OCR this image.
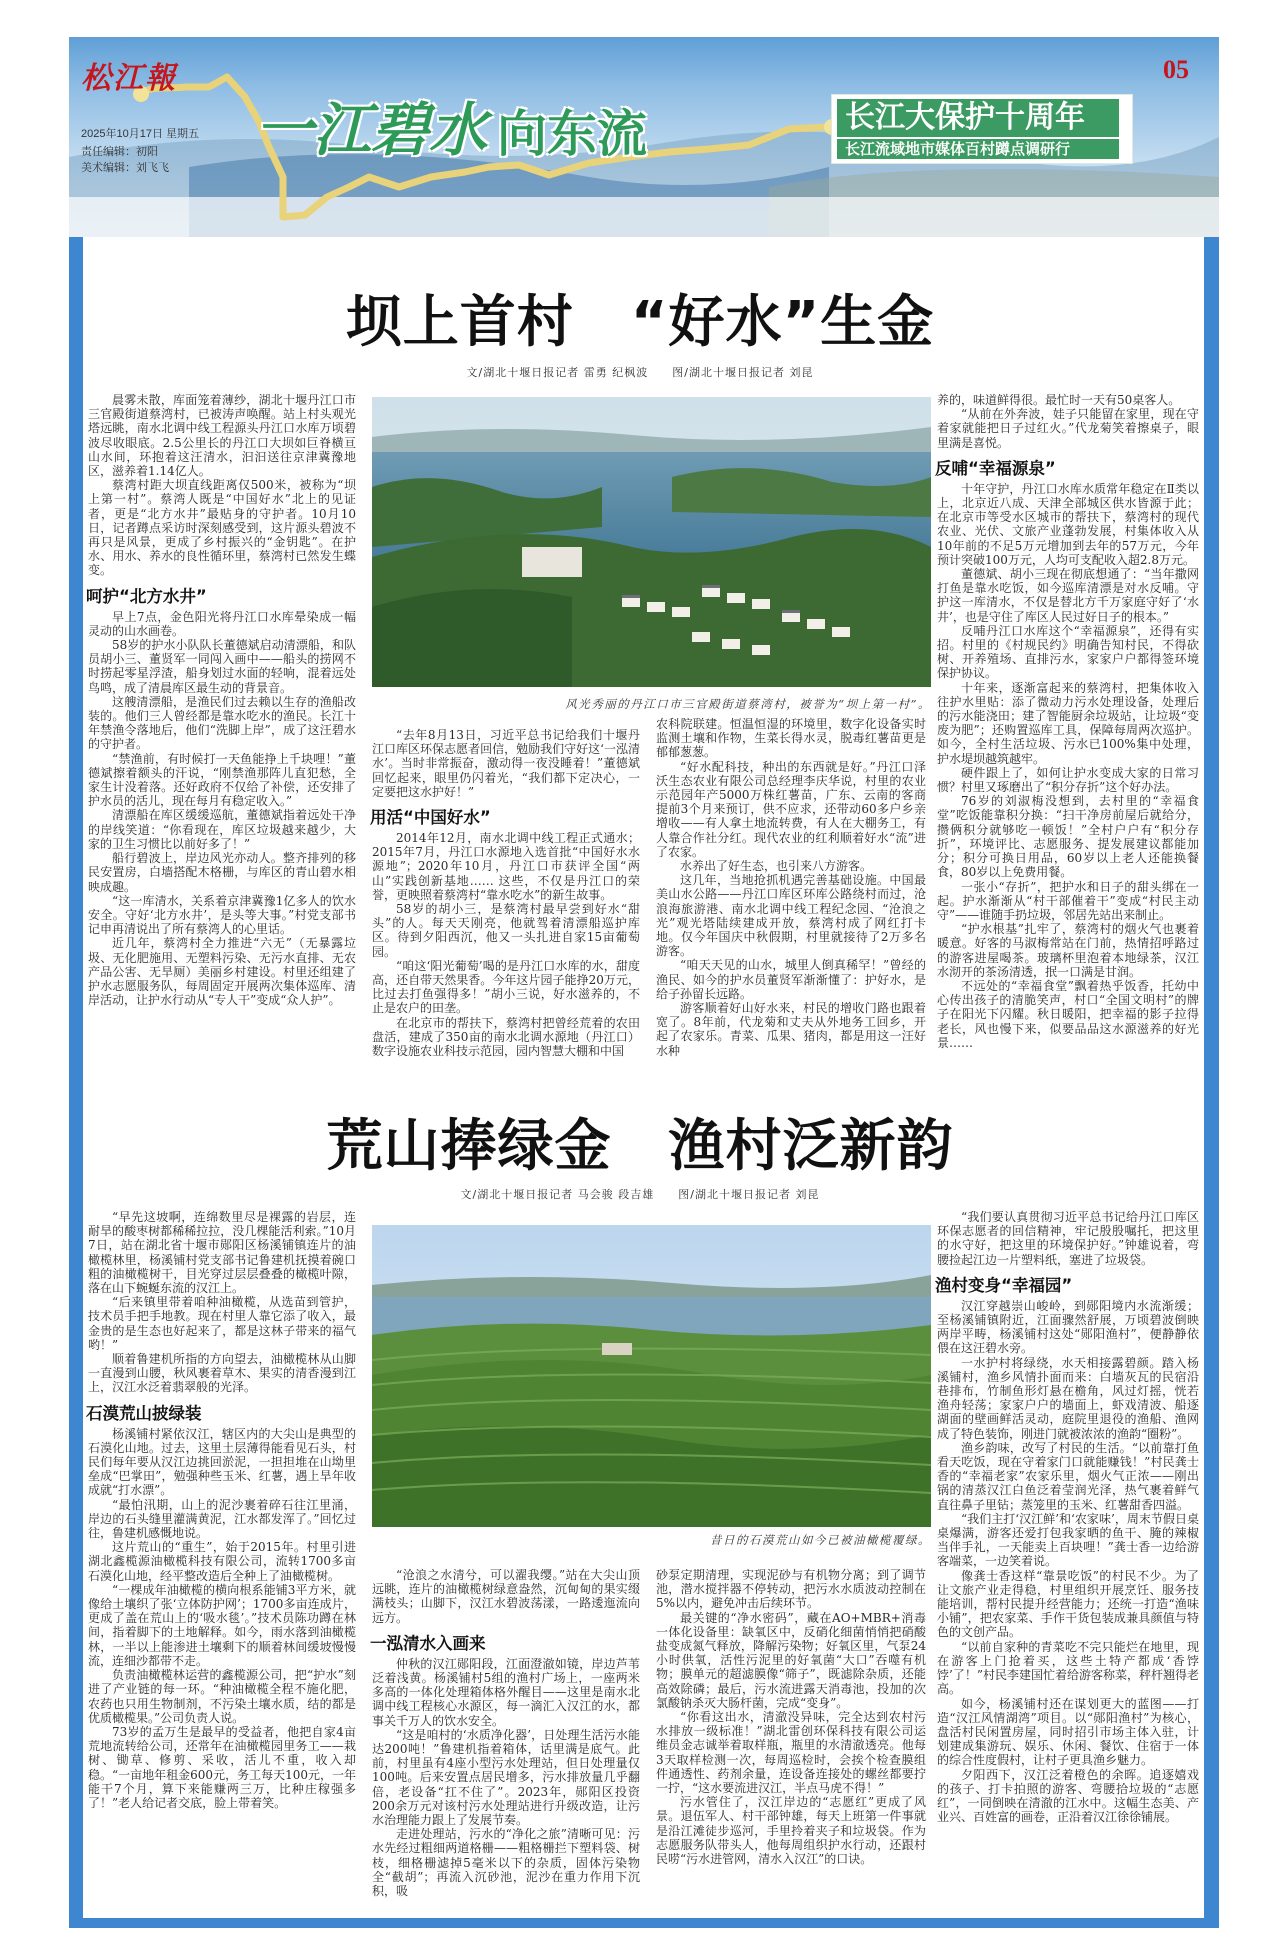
松江報	05
2025年10月17日 星期五
责任编辑：初阳
美术编辑：刘飞飞
一江碧水 向东流	长江大保护十周年
长江流域地市媒体百村蹲点调研行
坝上首村　“好水”生金
文/湖北十堰日报记者 雷勇 纪枫波　　图/湖北十堰日报记者 刘昆
风光秀丽的丹江口市三官殿街道蔡湾村，被誉为“坝上第一村”。

晨雾未散，库面笼着薄纱，湖北十堰丹江口市三官殿街道蔡湾村，已被涛声唤醒。站上村头观光塔远眺，南水北调中线工程源头丹江口水库万顷碧波尽收眼底。2.5公里长的丹江口大坝如巨脊横亘山水间，环抱着这汪清水，汩汩送往京津冀豫地区，滋养着1.14亿人。

蔡湾村距大坝直线距离仅500米，被称为“坝上第一村”。蔡湾人既是“中国好水”北上的见证者，更是“北方水井”最贴身的守护者。10月10日，记者蹲点采访时深刻感受到，这片源头碧波不再只是风景，更成了乡村振兴的“金钥匙”。在护水、用水、养水的良性循环里，蔡湾村已然发生蝶变。

呵护“北方水井”

早上7点，金色阳光将丹江口水库晕染成一幅灵动的山水画卷。

58岁的护水小队队长董德斌启动清漂船，和队员胡小三、董贤军一同闯入画中——船头的捞网不时捞起零星浮渣，船身划过水面的轻响，混着远处鸟鸣，成了清晨库区最生动的背景音。

这艘清漂船，是渔民们过去赖以生存的渔船改装的。他们三人曾经都是靠水吃水的渔民。长江十年禁渔令落地后，他们“洗脚上岸”，成了这汪碧水的守护者。

“禁渔前，有时候打一天鱼能挣上千块哩！”董德斌擦着额头的汗说，“刚禁渔那阵儿直犯愁，全家生计没着落。还好政府不仅给了补偿，还安排了护水员的活儿，现在每月有稳定收入。”

清漂船在库区缓缓巡航，董德斌指着远处干净的岸线笑道：“你看现在，库区垃圾越来越少，大家的卫生习惯比以前好多了！”

船行碧波上，岸边风光亦动人。整齐排列的移民安置房，白墙搭配木格栅，与库区的青山碧水相映成趣。

“这一库清水，关系着京津冀豫1亿多人的饮水安全。守好‘北方水井’，是头等大事。”村党支部书记申再清说出了所有蔡湾人的心里话。

近几年，蔡湾村全力推进“六无”（无暴露垃圾、无化肥施用、无塑料污染、无污水直排、无农产品公害、无旱厕）美丽乡村建设。村里还组建了护水志愿服务队，每周固定开展两次集体巡库、清岸活动，让护水行动从“专人干”变成“众人护”。

“去年8月13日，习近平总书记给我们十堰丹江口库区环保志愿者回信，勉励我们守好这‘一泓清水’。当时非常振奋，激动得一夜没睡着！”董德斌回忆起来，眼里仍闪着光，“我们都下定决心，一定要把这水护好！”

用活“中国好水”

2014年12月，南水北调中线工程正式通水；2015年7月，丹江口水源地入选首批“中国好水水源地”；2020年10月，丹江口市获评全国“两山”实践创新基地…… 这些，不仅是丹江口的荣誉，更映照着蔡湾村“靠水吃水”的新生故事。

58岁的胡小三，是蔡湾村最早尝到好水“甜头”的人。每天天刚亮，他就驾着清漂船巡护库区。待到夕阳西沉，他又一头扎进自家15亩葡萄园。

“咱这‘阳光葡萄’喝的是丹江口水库的水，甜度高，还自带天然果香。今年这片园子能挣20万元，比过去打鱼强得多！”胡小三说，好水滋养的，不止是农户的田垄。

在北京市的帮扶下，蔡湾村把曾经荒着的农田盘活，建成了350亩的南水北调水源地（丹江口）数字设施农业科技示范园，园内智慧大棚和中国

农科院联建。恒温恒湿的环境里，数字化设备实时监测土壤和作物，生菜长得水灵，脱毒红薯苗更是郁郁葱葱。

“好水配科技，种出的东西就是好。”丹江口泽沃生态农业有限公司总经理李庆华说，村里的农业示范园年产5000万株红薯苗，广东、云南的客商提前3个月来预订，供不应求，还带动60多户乡亲增收——有人拿土地流转费，有人在大棚务工，有人靠合作社分红。现代农业的红利顺着好水“流”进了农家。

水养出了好生态，也引来八方游客。

这几年，当地抢抓机遇完善基础设施。中国最美山水公路——丹江口库区环库公路绕村而过，沧浪海旅游港、南水北调中线工程纪念园、“沧浪之光”观光塔陆续建成开放，蔡湾村成了网红打卡地。仅今年国庆中秋假期，村里就接待了2万多名游客。

“咱天天见的山水，城里人倒真稀罕！”曾经的渔民、如今的护水员董贤军渐渐懂了：护好水，是给子孙留长远路。

游客顺着好山好水来，村民的增收门路也跟着宽了。8年前，代龙菊和丈夫从外地务工回乡，开起了农家乐。青菜、瓜果、猪肉，都是用这一汪好水种

养的，味道鲜得很。最忙时一天有50桌客人。

“从前在外奔波，娃子只能留在家里，现在守着家就能把日子过红火。”代龙菊笑着擦桌子，眼里满是喜悦。

反哺“幸福源泉”

十年守护，丹江口水库水质常年稳定在Ⅱ类以上，北京近八成、天津全部城区供水皆源于此；在北京市等受水区城市的帮扶下，蔡湾村的现代农业、光伏、文旅产业蓬勃发展，村集体收入从10年前的不足5万元增加到去年的57万元，今年预计突破100万元，人均可支配收入超2.8万元。

董德斌、胡小三现在彻底想通了：“当年撒网打鱼是靠水吃饭，如今巡库清漂是对水反哺。守护这一库清水，不仅是替北方千万家庭守好了‘水井’，也是守住了库区人民过好日子的根本。”

反哺丹江口水库这个“幸福源泉”，还得有实招。村里的《村规民约》明确告知村民，不得砍树、开养殖场、直排污水，家家户户都得签环境保护协议。

十年来，逐渐富起来的蔡湾村，把集体收入往护水里贴：添了微动力污水处理设备，处理后的污水能浇田；建了智能厨余垃圾站，让垃圾“变废为肥”；还购置巡库工具，保障每周两次巡护。如今，全村生活垃圾、污水已100%集中处理，护水堤坝越筑越牢。

硬件跟上了，如何让护水变成大家的日常习惯？村里又琢磨出了“积分存折”这个好办法。

76岁的刘淑梅没想到，去村里的“幸福食堂”吃饭能靠积分换：“扫干净房前屋后就给分，攒俩积分就够吃一顿饭！”全村户户有“积分存折”，环境评比、志愿服务、提发展建议都能加分；积分可换日用品，60岁以上老人还能换餐食，80岁以上免费用餐。

一张小“存折”，把护水和日子的甜头绑在一起。护水渐渐从“村干部催着干”变成“村民主动守”——谁随手扔垃圾，邻居先站出来制止。

“护水根基”扎牢了，蔡湾村的烟火气也裹着暖意。好客的马淑梅常站在门前，热情招呼路过的游客进屋喝茶。玻璃杯里泡着本地绿茶，汉江水沏开的茶汤清透，抿一口满是甘润。

不远处的“幸福食堂”飘着热乎饭香，托幼中心传出孩子的清脆笑声，村口“全国文明村”的牌子在阳光下闪耀。秋日暖阳，把幸福的影子拉得老长，风也慢下来，似要品品这水源滋养的好光景……

荒山捧绿金　渔村泛新韵
文/湖北十堰日报记者 马会骏 段吉雄　　图/湖北十堰日报记者 刘昆
昔日的石漠荒山如今已被油橄榄覆绿。

“早先这坡啊，连绵数里尽是裸露的岩层，连耐旱的酸枣树都稀稀拉拉，没几棵能活利索。”10月7日，站在湖北省十堰市郧阳区杨溪铺镇连片的油橄榄林里，杨溪铺村党支部书记鲁建机抚摸着碗口粗的油橄榄树干，目光穿过层层叠叠的橄榄叶隙，落在山下蜿蜒东流的汉江上。

“后来镇里带着咱种油橄榄，从选苗到管护，技术员手把手地教。现在村里人靠它添了收入，最金贵的是生态也好起来了，都是这林子带来的福气哟！”

顺着鲁建机所指的方向望去，油橄榄林从山脚一直漫到山腰，秋风裹着草木、果实的清香漫到江上，汉江水泛着翡翠般的光泽。

石漠荒山披绿装

杨溪铺村紧依汉江，辖区内的大尖山是典型的石漠化山地。过去，这里土层薄得能看见石头，村民们每年要从汉江边挑回淤泥，一担担堆在山坳里垒成“巴掌田”，勉强种些玉米、红薯，遇上旱年收成就“打水漂”。

“最怕汛期，山上的泥沙裹着碎石往江里涌，岸边的石头缝里灌满黄泥，江水都发浑了。”回忆过往，鲁建机感慨地说。

这片荒山的“重生”，始于2015年。村里引进湖北鑫榄源油橄榄科技有限公司，流转1700多亩石漠化山地，经平整改造后全种上了油橄榄树。

“一棵成年油橄榄的横向根系能铺3平方米，就像给土壤织了张‘立体防护网’；1700多亩连成片，更成了盖在荒山上的‘吸水毯’。”技术员陈功蹲在林间，指着脚下的土地解释。如今，雨水落到油橄榄林，一半以上能渗进土壤剩下的顺着林间缓坡慢慢流，连细沙都带不走。

负责油橄榄林运营的鑫榄源公司，把“护水”刻进了产业链的每一环。“种油橄榄全程不施化肥，农药也只用生物制剂，不污染土壤水质，结的都是优质橄榄果。”公司负责人说。

73岁的孟万生是最早的受益者，他把自家4亩荒地流转给公司，还常年在油橄榄园里务工——栽树、锄草、修剪、采收，活儿不重，收入却稳。“一亩地年租金600元，务工每天100元，一年能干7个月，算下来能赚两三万，比种庄稼强多了！”老人给记者交底，脸上带着笑。

“沧浪之水清兮，可以濯我缨。”站在大尖山顶远眺，连片的油橄榄树绿意盎然，沉甸甸的果实缀满枝头；山脚下，汉江水碧波荡漾，一路逶迤流向远方。

一泓清水入画来

仲秋的汉江郧阳段，江面澄澈如镜，岸边芦苇泛着浅黄。杨溪铺村5组的渔村广场上，一座两米多高的一体化处理箱体格外醒目——这里是南水北调中线工程核心水源区，每一滴汇入汉江的水，都事关千万人的饮水安全。

“这是咱村的‘水质净化器’，日处理生活污水能达200吨！”鲁建机指着箱体，话里满是底气。此前，村里虽有4座小型污水处理站，但日处理量仅100吨。后来安置点居民增多，污水排放量几乎翻倍，老设备“扛不住了”。2023年，郧阳区投资200余万元对该村污水处理站进行升级改造，让污水治理能力跟上了发展节奏。

走进处理站，污水的“净化之旅”清晰可见：污水先经过粗细两道格栅——粗格栅拦下塑料袋、树枝，细格栅滤掉5毫米以下的杂质，固体污染物全“截胡”；再流入沉砂池，泥沙在重力作用下沉积，吸

砂泵定期清理，实现泥砂与有机物分离；到了调节池，潜水搅拌器不停转动，把污水水质波动控制在5%以内，避免冲击后续环节。

最关键的“净水密码”，藏在AO+MBR+消毒一体化设备里：缺氧区中，反硝化细菌悄悄把硝酸盐变成氮气释放，降解污染物；好氧区里，气泵24小时供氧，活性污泥里的好氧菌“大口”吞噬有机物；膜单元的超滤膜像“筛子”，既滤除杂质，还能高效除磷；最后，污水流进露天消毒池，投加的次氯酸钠杀灭大肠杆菌，完成“变身”。

“你看这出水，清澈没异味，完全达到农村污水排放一级标准！”湖北雷创环保科技有限公司运维员金志诚举着取样瓶，瓶里的水清澈透亮。他每3天取样检测一次，每周巡检时，会挨个检查膜组件通透性、药剂余量，连设备连接处的螺丝都要拧一拧，“这水要流进汉江，半点马虎不得！”

污水管住了，汉江岸边的“志愿红”更成了风景。退伍军人、村干部钟雄，每天上班第一件事就是沿江滩徒步巡河，手里拎着夹子和垃圾袋。作为志愿服务队带头人，他每周组织护水行动，还跟村民唠“污水进管网，清水入汉江”的口诀。

“我们要认真贯彻习近平总书记给丹江口库区环保志愿者的回信精神，牢记殷殷嘱托，把这里的水守好，把这里的环境保护好。”钟雄说着，弯腰捡起江边一片塑料纸，塞进了垃圾袋。

渔村变身“幸福园”

汉江穿越崇山峻岭，到郧阳境内水流渐缓；至杨溪铺镇附近，江面骤然舒展，万顷碧波倒映两岸平畴，杨溪铺村这处“郧阳渔村”，便静静依偎在这汪碧水旁。

一水护村将绿绕，水天相接露碧颜。踏入杨溪铺村，渔乡风情扑面而来：白墙灰瓦的民宿沿巷排布，竹制鱼形灯悬在檐角，风过灯摇，恍若渔舟轻荡；家家户户的墙面上，虾戏清波、船逐湖面的壁画鲜活灵动，庭院里退役的渔船、渔网成了特色装饰，刚进门就被浓浓的渔韵“圈粉”。

渔乡韵味，改写了村民的生活。“以前靠打鱼看天吃饭，现在守着家门口就能赚钱！”村民龚士香的“幸福老家”农家乐里，烟火气正浓——刚出锅的清蒸汉江白鱼泛着莹润光泽，热气裹着鲜气直往鼻子里钻；蒸笼里的玉米、红薯甜香四溢。

“我们主打‘汉江鲜’和‘农家味’，周末节假日桌桌爆满，游客还爱打包我家晒的鱼干、腌的辣椒当伴手礼，一天能卖上百块哩！”龚士香一边给游客端菜，一边笑着说。

像龚士香这样“靠景吃饭”的村民不少。为了让文旅产业走得稳，村里组织开展烹饪、服务技能培训，帮村民提升经营能力；还统一打造“渔味小铺”，把农家菜、手作干货包装成兼具颜值与特色的文创产品。

“以前自家种的青菜吃不完只能烂在地里，现在游客上门抢着买，这些土特产都成‘香饽饽’了！”村民李建国忙着给游客称菜，秤杆翘得老高。

如今，杨溪铺村还在谋划更大的蓝图——打造“汉江风情湖湾”项目。以“郧阳渔村”为核心，盘活村民闲置房屋，同时招引市场主体入驻，计划建成集游玩、娱乐、休闲、餐饮、住宿于一体的综合性度假村，让村子更具渔乡魅力。

夕阳西下，汉江泛着橙色的余晖。追逐嬉戏的孩子、打卡拍照的游客、弯腰拾垃圾的“志愿红”，一同倒映在清澈的江水中。这幅生态美、产业兴、百姓富的画卷，正沿着汉江徐徐铺展。
